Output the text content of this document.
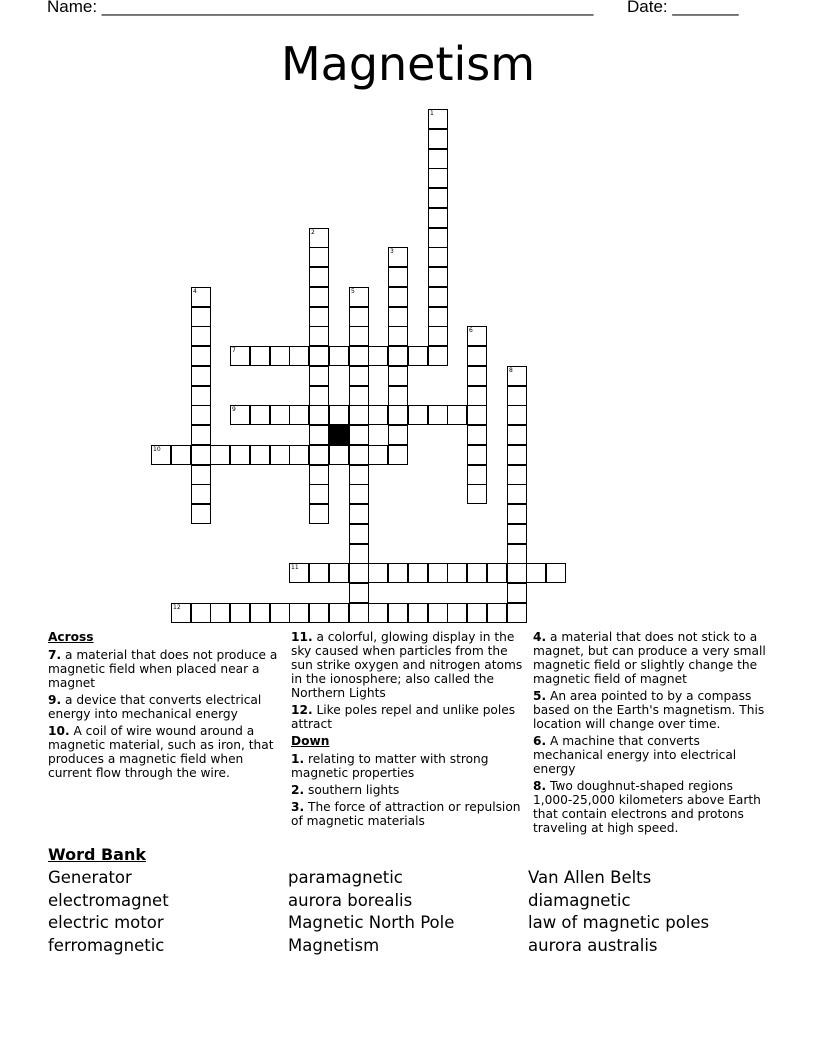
Name: ____________________________________________________ Date: _______
Magnetism
1
2
3
4	5
6
7
8
9
10
11
12
Across
7. a material that does not produce a magnetic field when placed near a magnet
9. a device that converts electrical energy into mechanical energy
10. A coil of wire wound around a magnetic material, such as iron, that produces a magnetic field when current flow through the wire.
11. a colorful, glowing display in the sky caused when particles from the sun strike oxygen and nitrogen atoms in the ionosphere; also called the Northern Lights
12. Like poles repel and unlike poles attract
Down
1. relating to matter with strong magnetic properties
2. southern lights
3. The force of attraction or repulsion of magnetic materials
4. a material that does not stick to a magnet, but can produce a very small magnetic field or slightly change the magnetic field of magnet
5. An area pointed to by a compass based on the Earth's magnetism. This location will change over time.
6. A machine that converts mechanical energy into electrical energy
8. Two doughnut-shaped regions 1,000-25,000 kilometers above Earth that contain electrons and protons traveling at high speed.
Word Bank
Generator
electromagnet
electric motor
ferromagnetic
paramagnetic
aurora borealis
Magnetic North Pole
Magnetism
Van Allen Belts
diamagnetic
law of magnetic poles
aurora australis
